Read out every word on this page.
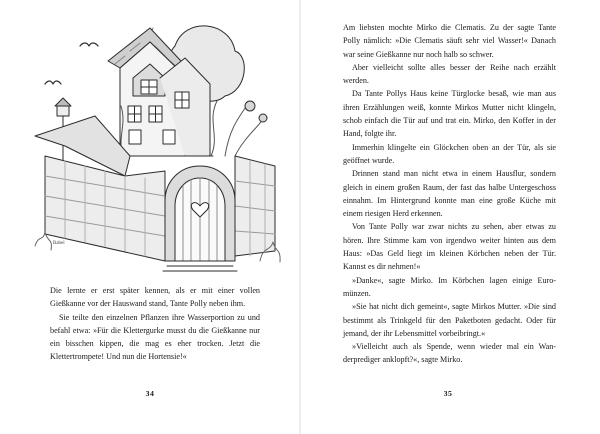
Babel

Die lernte er erst später kennen, als er mit einer vollen Gießkanne vor der Hauswand stand, Tante Polly neben ihm.

Sie teilte den einzelnen Pflanzen ihre Wasserportion zu und befahl etwa: »Für die Klettergurke musst du die Gießkanne nur ein bisschen kippen, die mag es eher trocken. Jetzt die Klettertrompete! Und nun die Hortensie!«

34

Am liebsten mochte Mirko die Clematis. Zu der sagte Tante Polly nämlich: »Die Clematis säuft sehr viel Wasser!« Danach war seine Gießkanne nur noch halb so schwer.

Aber vielleicht sollte alles besser der Reihe nach erzählt werden.

Da Tante Pollys Haus keine Türglocke besaß, wie man aus ihren Erzählungen weiß, konnte Mirkos Mutter nicht klingeln, schob einfach die Tür auf und trat ein. Mirko, den Koffer in der Hand, folgte ihr.

Immerhin klingelte ein Glöckchen oben an der Tür, als sie geöffnet wurde.

Drinnen stand man nicht etwa in einem Hausflur, sondern gleich in einem großen Raum, der fast das halbe Untergeschoss einnahm. Im Hintergrund konnte man eine große Küche mit einem riesigen Herd erkennen.

Von Tante Polly war zwar nichts zu sehen, aber etwas zu hören. Ihre Stimme kam von irgendwo weiter hinten aus dem Haus: »Das Geld liegt im kleinen Körbchen neben der Tür. Kannst es dir nehmen!«

»Danke«, sagte Mirko. Im Körbchen lagen einige Euromünzen.

»Sie hat nicht dich gemeint«, sagte Mirkos Mutter. »Die sind bestimmt als Trinkgeld für den Paketboten gedacht. Oder für jemand, der ihr Lebensmittel vorbeibringt.«

»Vielleicht auch als Spende, wenn wieder mal ein Wanderprediger anklopft?«, sagte Mirko.

35
